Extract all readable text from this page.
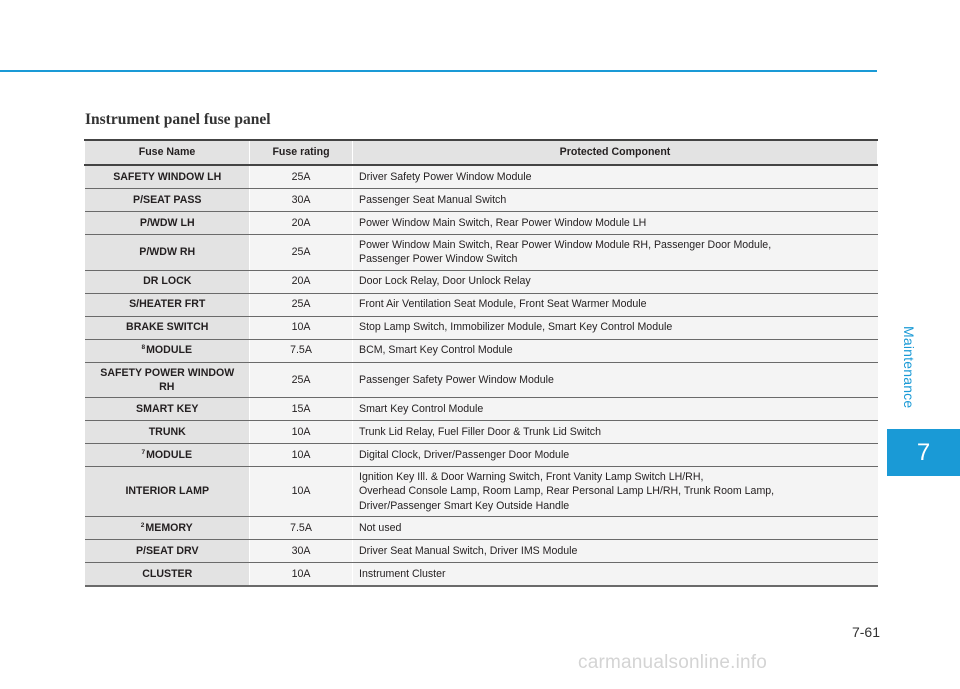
Instrument panel fuse panel
Fuse Name	Fuse rating	Protected Component
SAFETY WINDOW LH	25A	Driver Safety Power Window Module
P/SEAT PASS	30A	Passenger Seat Manual Switch
P/WDW LH	20A	Power Window Main Switch, Rear Power Window Module LH
P/WDW RH	25A	Power Window Main Switch, Rear Power Window Module RH, Passenger Door Module,
Passenger Power Window Switch
DR LOCK	20A	Door Lock Relay, Door Unlock Relay
S/HEATER FRT	25A	Front Air Ventilation Seat Module, Front Seat Warmer Module
BRAKE SWITCH	10A	Stop Lamp Switch, Immobilizer Module, Smart Key Control Module
$^8$MODULE	7.5A	BCM, Smart Key Control Module
SAFETY POWER WINDOW
RH	25A	Passenger Safety Power Window Module
SMART KEY	15A	Smart Key Control Module
TRUNK	10A	Trunk Lid Relay, Fuel Filler Door & Trunk Lid Switch
$^7$MODULE	10A	Digital Clock, Driver/Passenger Door Module
INTERIOR LAMP	10A	Ignition Key Ill. & Door Warning Switch, Front Vanity Lamp Switch LH/RH,
Overhead Console Lamp, Room Lamp, Rear Personal Lamp LH/RH, Trunk Room Lamp,
Driver/Passenger Smart Key Outside Handle
$^2$MEMORY	7.5A	Not used
P/SEAT DRV	30A	Driver Seat Manual Switch, Driver IMS Module
CLUSTER	10A	Instrument Cluster
Maintenance
7
7-61
carmanualsonline.info
